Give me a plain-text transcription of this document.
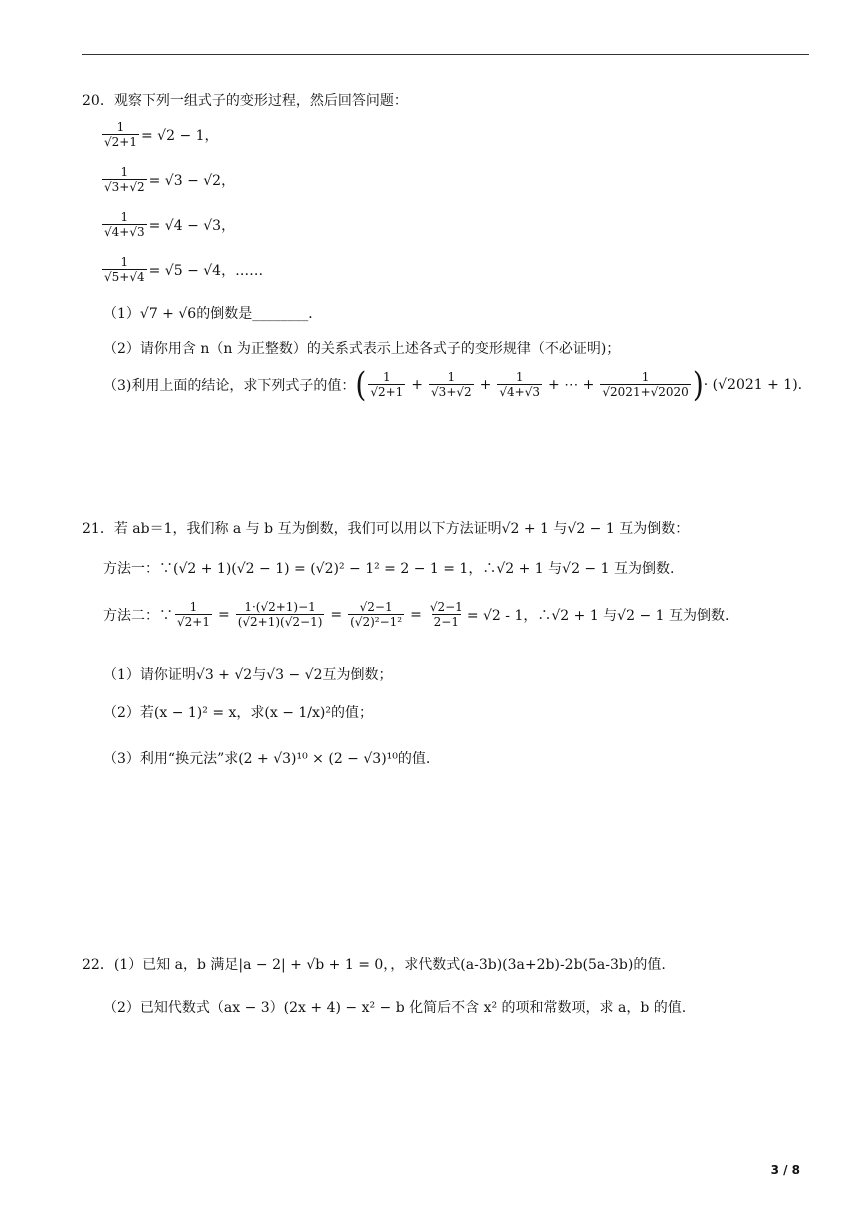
20．观察下列一组式子的变形过程，然后回答问题：
$\frac{1}{√2+1} = √2 - 1$，
$\frac{1}{√3+√2} = √3 - √2$，
$\frac{1}{√4+√3} = √4 - √3$，
$\frac{1}{√5+√4} = √5 - √4$，……
（1）√7 + √6的倒数是________．
（2）请你用含 n（n 为正整数）的关系式表示上述各式子的变形规律（不必证明)；
（3)利用上面的结论，求下列式子的值： ( $\frac{1}{√2+1} + \frac{1}{√3+√2} + \frac{1}{√4+√3}$ + ⋯ + $\frac{1}{√2021+√2020}$ ) · (√2021 + 1).
21．若 ab＝1，我们称 a 与 b 互为倒数，我们可以用以下方法证明√2 + 1 与√2 − 1 互为倒数：
方法一：∵(√2 + 1)(√2 − 1) = (√2)² − 1² = 2 − 1 = 1，∴√2 + 1 与√2 − 1 互为倒数.
方法二：∵ $\frac{1}{√2+1} = \frac{1\cdot(√2+1)-1}{(√2+1)(√2-1)} = \frac{√2-1}{\text{(√2)²−1²}} = \frac{√2-1}{2-1} = √2 - 1$，∴√2 + 1 与√2 − 1 互为倒数.
（1）请你证明√3 + √2与√3 − √2互为倒数；
（2）若(x − 1)² = x，求(x − 1/x)²的值；
（3）利用“换元法”求(2 + √3)¹⁰ × (2 − √3)¹⁰的值.
22．(1）已知 a，b 满足|a − 2| + √b + 1 = 0，，求代数式(a-3b)(3a+2b)-2b(5a-3b)的值.
（2）已知代数式（ax − 3）(2x + 4) − x² − b 化简后不含 x² 的项和常数项，求 a，b 的值.
3 / 8
